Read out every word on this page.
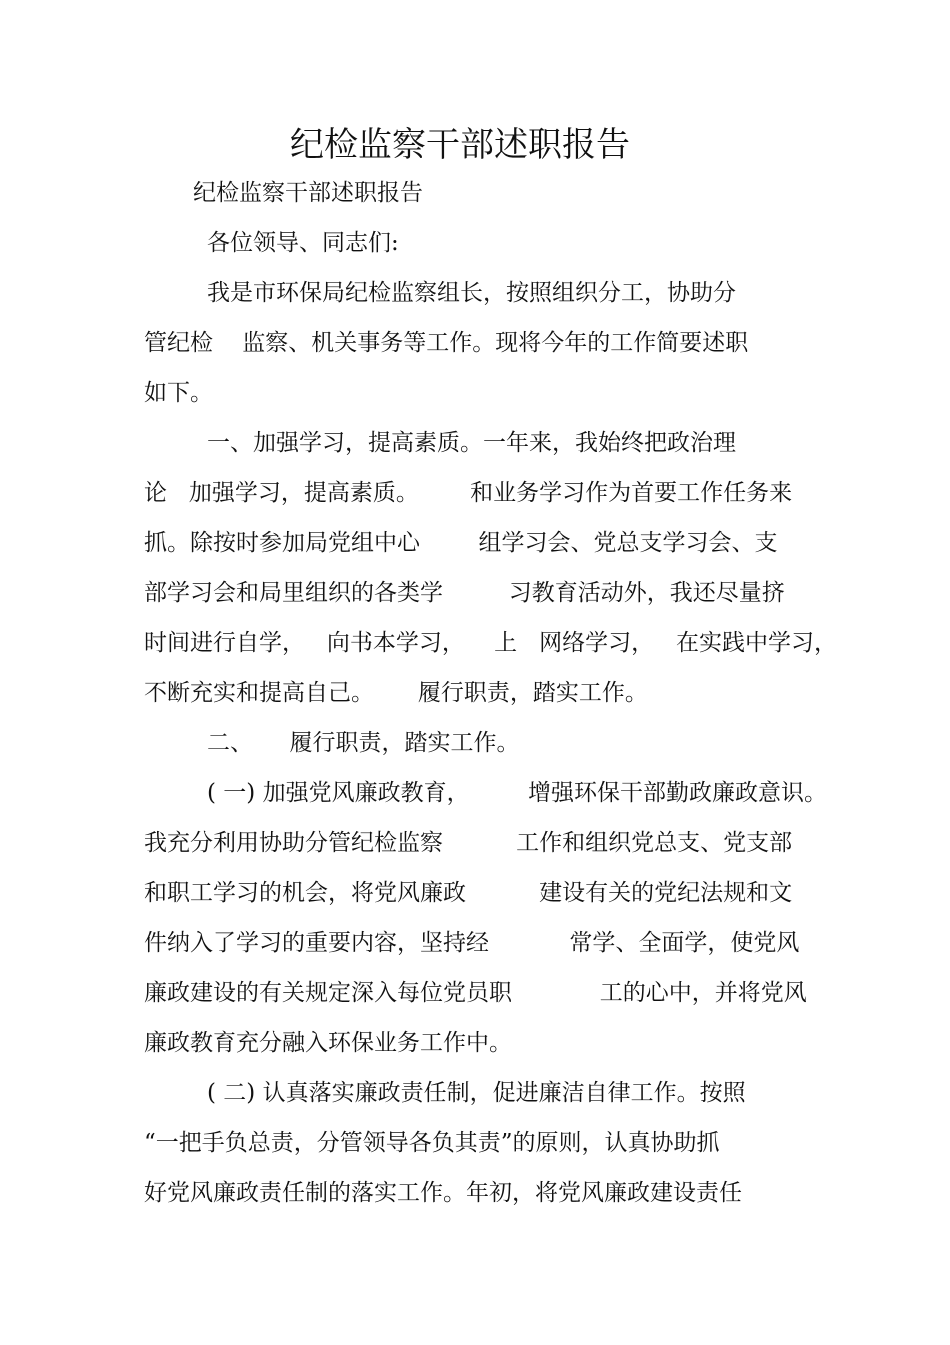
纪检监察干部述职报告
纪检监察干部述职报告
各位领导、同志们:
我是市环保局纪检监察组长，按照组织分工，协助分
管纪检    监察、机关事务等工作。现将今年的工作简要述职
如下。
一、加强学习，提高素质。一年来，我始终把政治理
论   加强学习，提高素质。       和业务学习作为首要工作任务来
抓。除按时参加局党组中心        组学习会、党总支学习会、支
部学习会和局里组织的各类学         习教育活动外，我还尽量挤
时间进行自学，   向书本学习，    上   网络学习，   在实践中学习，
不断充实和提高自己。      履行职责，踏实工作。
二、     履行职责，踏实工作。
( 一) 加强党风廉政教育，        增强环保干部勤政廉政意识。
我充分利用协助分管纪检监察          工作和组织党总支、党支部
和职工学习的机会，将党风廉政          建设有关的党纪法规和文
件纳入了学习的重要内容，坚持经           常学、全面学，使党风
廉政建设的有关规定深入每位党员职            工的心中，并将党风
廉政教育充分融入环保业务工作中。
( 二) 认真落实廉政责任制，促进廉洁自律工作。按照
“一把手负总责，分管领导各负其责”的原则，认真协助抓
好党风廉政责任制的落实工作。年初，将党风廉政建设责任
